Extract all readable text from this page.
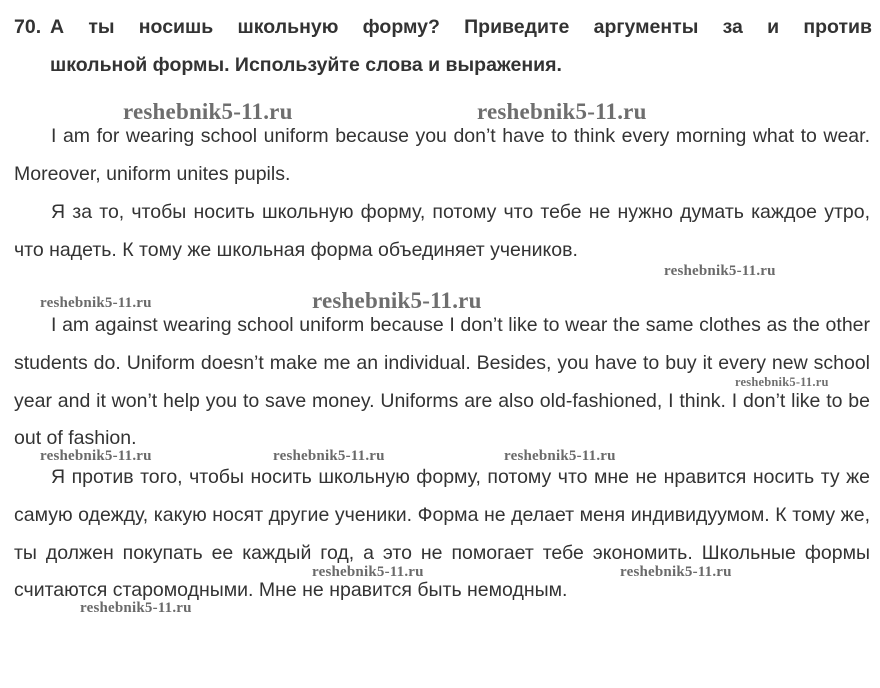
70. А ты носишь школьную форму? Приведите аргументы за и против
школьной формы. Используйте слова и выражения.

I am for wearing school uniform because you don’t have to think every morning what to wear. Moreover, uniform unites pupils.

Я за то, чтобы носить школьную форму, потому что тебе не нужно думать каждое утро, что надеть. К тому же школьная форма объединяет учеников.

I am against wearing school uniform because I don’t like to wear the same clothes as the other students do. Uniform doesn’t make me an individual. Besides, you have to buy it every new school year and it won’t help you to save money. Uniforms are also old-fashioned, I think. I don’t like to be out of fashion.

Я против того, чтобы носить школьную форму, потому что мне не нравится носить ту же самую одежду, какую носят другие ученики. Форма не делает меня индивидуумом. К тому же, ты должен покупать ее каждый год, а это не помогает тебе экономить. Школьные формы считаются старомодными. Мне не нравится быть немодным.

reshebnik5-11.ru	reshebnik5-11.ru
reshebnik5-11.ru
reshebnik5-11.ru	reshebnik5-11.ru
reshebnik5-11.ru
reshebnik5-11.ru	reshebnik5-11.ru	reshebnik5-11.ru
reshebnik5-11.ru	reshebnik5-11.ru
reshebnik5-11.ru
